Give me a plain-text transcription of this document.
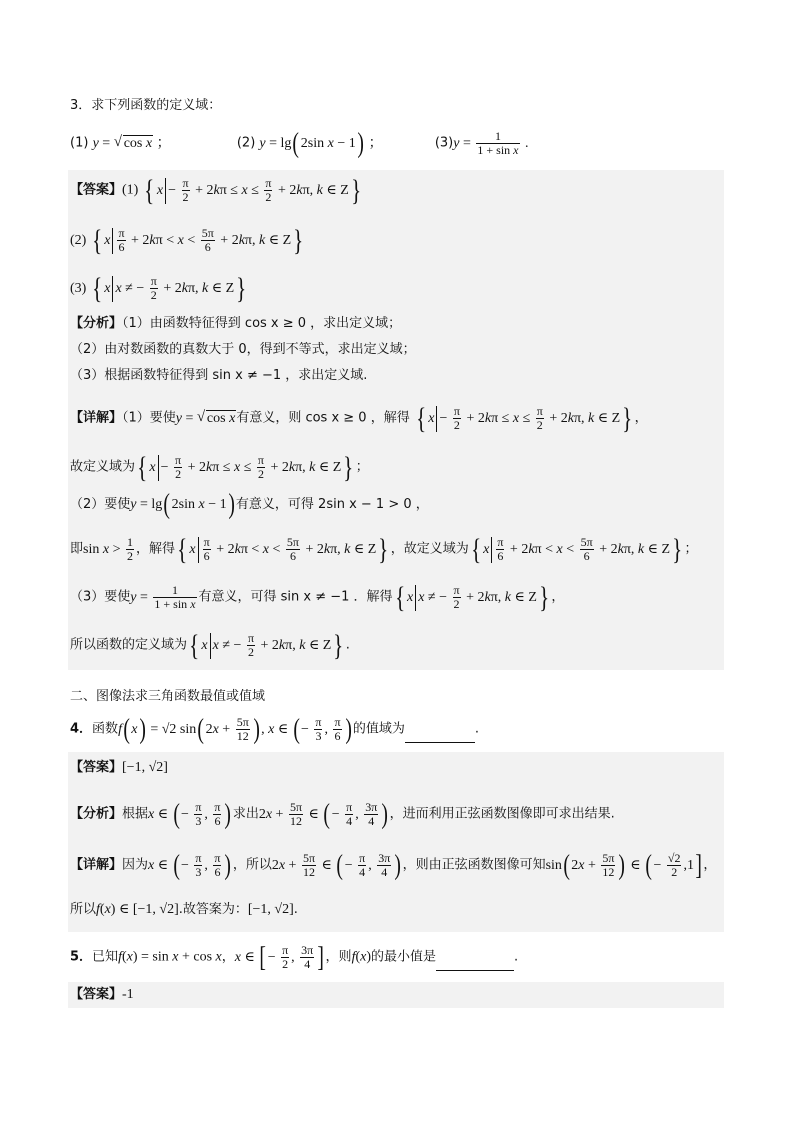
3．求下列函数的定义域：
(1) y = √ cos x ；	(2) y = lg(2sin x − 1) ；	$(3)y = \frac{1}{\text{1 + sin x}}$ .
【答案】(1) { $x - \frac{\pi}{2} + 2k\pi \le x \le \frac{\pi}{2} + 2k\pi$, k ∈ Z}
(2) { x $\frac{\pi}{6} + 2k\pi < x < \frac{5\pi}{6} + 2k\pi$, k ∈ Z}
(3) { x x ≠ − $\frac{\pi}{2} + 2k\pi$, k ∈ Z}
【分析】（1）由函数特征得到 cos x ≥ 0 ，求出定义域；
（2）由对数函数的真数大于 0，得到不等式，求出定义域；
（3）根据函数特征得到 sin x ≠ −1 ，求出定义域.
【详解】（1）要使y = √ cos x有意义，则 cos x ≥ 0 ，解得 { $x - \frac{\pi}{2} + 2k\pi \le x \le \frac{\pi}{2} + 2k\pi$, k ∈ Z} ，
故定义域为{ $x - \frac{\pi}{2} + 2k\pi \le x \le \frac{\pi}{2} + 2k\pi$, k ∈ Z} ；
（2）要使y = lg(2sin x − 1)有意义，可得 2sin x − 1 > 0 ，
即$\sin x > \frac{1}{2}$ ，解得{ x $\frac{\pi}{6} + 2k\pi < x < \frac{5\pi}{6} + 2k\pi$, k ∈ Z} ，故定义域为{ x $\frac{\pi}{6} + 2k\pi < x < \frac{5\pi}{6} + 2k\pi$, k ∈ Z} ；
（3）要使$y = \frac{1}{\text{1 + sin x}}$ 有意义，可得 sin x ≠ −1 ．解得{ x x ≠ − $\frac{\pi}{2} + 2k\pi$, k ∈ Z} ，
所以函数的定义域为{ x x ≠ − $\frac{\pi}{2} + 2k\pi$, k ∈ Z} .
二、图像法求三角函数最值或值域
4．函数f(x) = √2 $\sin(2x + \frac{5\pi}{12}$ ), x ∈ (− $\frac{\pi}{3}$ , $\frac{\pi}{6}$ )的值域为	.
【答案】[−1, √2]
【分析】根据x ∈ (− $\frac{\pi}{3}$ , $\frac{\pi}{6}$ )求出$2x + \frac{5\pi}{12}$ ∈ (− $\frac{\pi}{4}$ , $\frac{3\pi}{4}$ )，进而利用正弦函数图像即可求出结果.
【详解】因为x ∈ (− $\frac{\pi}{3}$ , $\frac{\pi}{6}$ )，所以$2x + \frac{5\pi}{12}$ ∈ (− $\frac{\pi}{4}$ , $\frac{3\pi}{4}$ )，则由正弦函数图像可知$\sin(2x + \frac{5\pi}{12}$ ) ∈ (− $\frac{√2}{2} ,1$]，
所以f(x) ∈ [−1, √2].故答案为：[−1, √2].
5．已知f(x) = sin x + cos x，x ∈ [− $\frac{\pi}{2}$ , $\frac{3\pi}{4}$ ]，则f(x)的最小值是	.
【答案】-1
